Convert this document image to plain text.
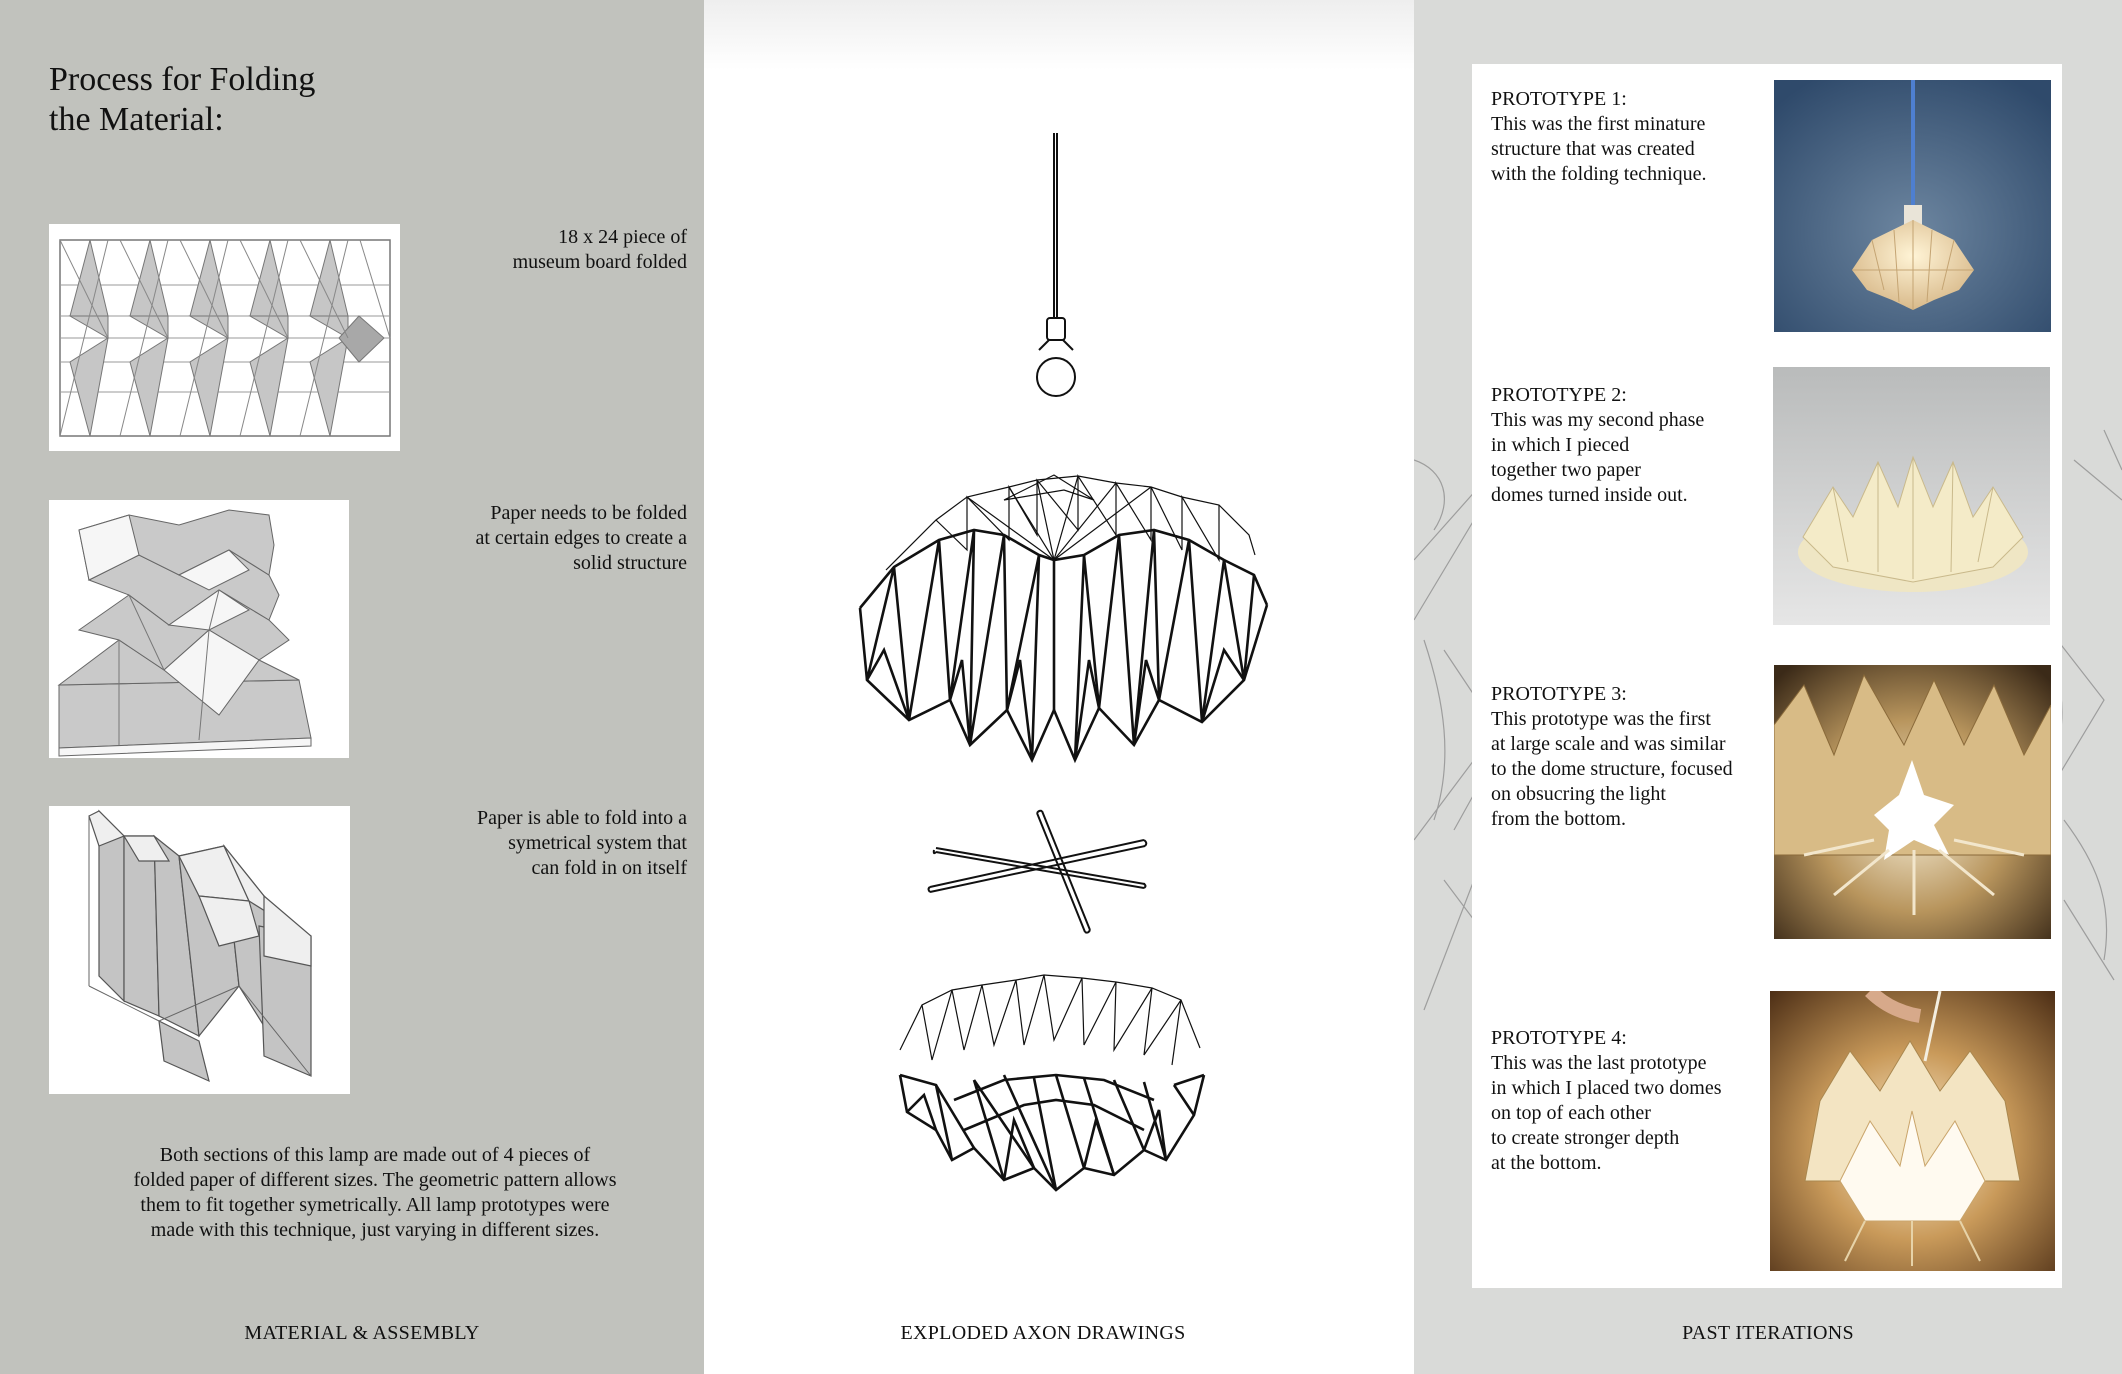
Process for Folding
the Material:
18 x 24 piece of
museum board folded
Paper needs to be folded
at certain edges to create a
solid structure
Paper is able to fold into a
symetrical system that
can fold in on itself
Both sections of this lamp are made out of 4 pieces of
folded paper of different sizes. The geometric pattern allows
them to fit together symetrically. All lamp prototypes were
made with this technique, just varying in different sizes.
MATERIAL & ASSEMBLY	EXPLODED AXON DRAWINGS	PAST ITERATIONS
PROTOTYPE 1:
This was the first minature
structure that was created
with the folding technique.
PROTOTYPE 2:
This was my second phase
in which I pieced
together two paper
domes turned inside out.
PROTOTYPE 3:
This prototype was the first
at large scale and was similar
to the dome structure, focused
on obsucring the light
from the bottom.
PROTOTYPE 4:
This was the last prototype
in which I placed two domes
on top of each other
to create stronger depth
at the bottom.
